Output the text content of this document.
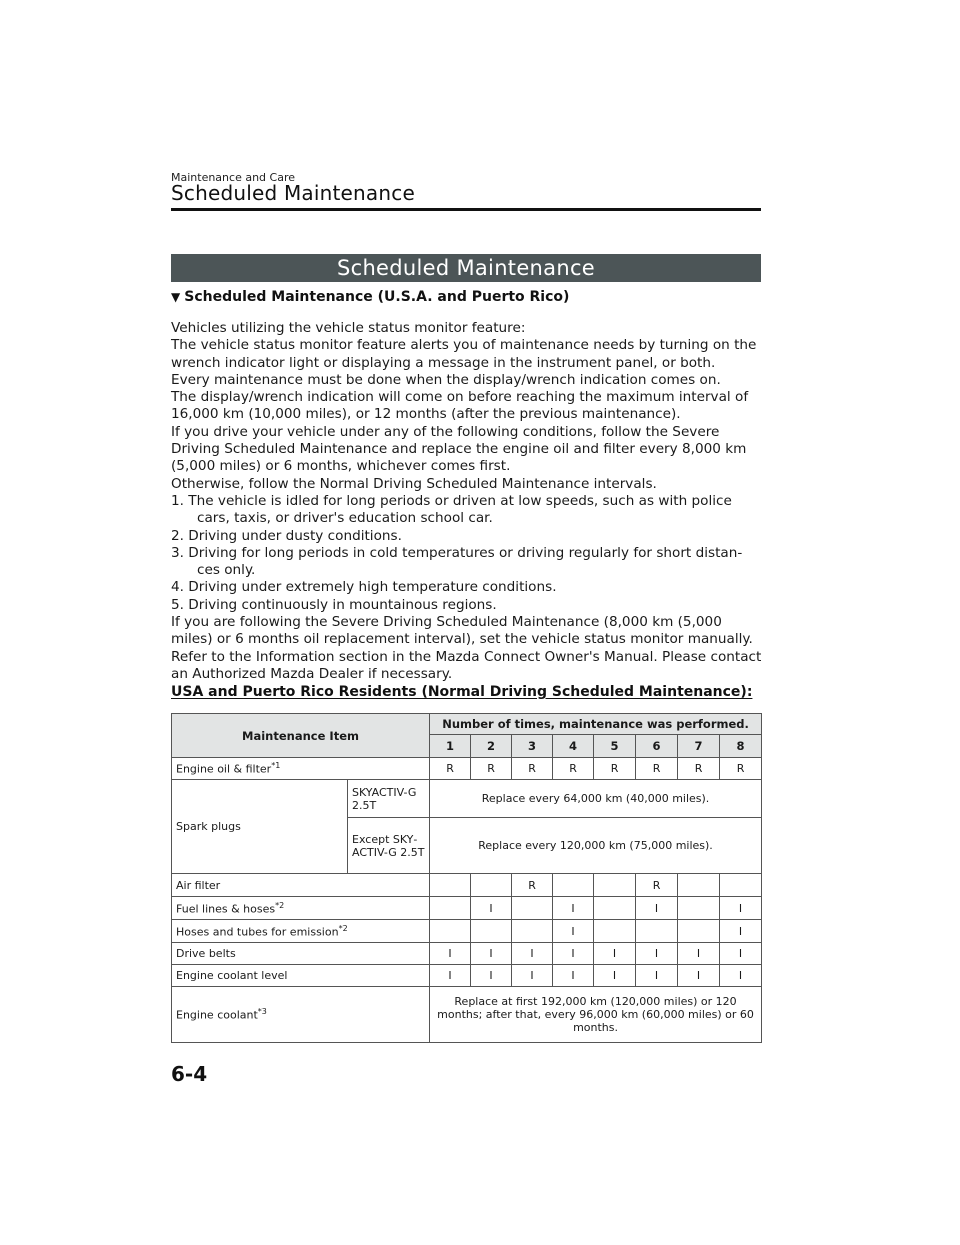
Maintenance and Care
Scheduled Maintenance
Scheduled Maintenance
▼ Scheduled Maintenance (U.S.A. and Puerto Rico)

Vehicles utilizing the vehicle status monitor feature:

The vehicle status monitor feature alerts you of maintenance needs by turning on the wrench indicator light or displaying a message in the instrument panel, or both.

Every maintenance must be done when the display/wrench indication comes on.

The display/wrench indication will come on before reaching the maximum interval of 16,000 km (10,000 miles), or 12 months (after the previous maintenance).

If you drive your vehicle under any of the following conditions, follow the Severe Driving Scheduled Maintenance and replace the engine oil and filter every 8,000 km (5,000 miles) or 6 months, whichever comes first.

Otherwise, follow the Normal Driving Scheduled Maintenance intervals.

1. The vehicle is idled for long periods or driven at low speeds, such as with police cars, taxis, or driver's education school car.

2. Driving under dusty conditions.

3. Driving for long periods in cold temperatures or driving regularly for short distan‐ ces only.

4. Driving under extremely high temperature conditions.

5. Driving continuously in mountainous regions.

If you are following the Severe Driving Scheduled Maintenance (8,000 km (5,000 miles) or 6 months oil replacement interval), set the vehicle status monitor manually.

Refer to the Information section in the Mazda Connect Owner's Manual. Please contact an Authorized Mazda Dealer if necessary.

USA and Puerto Rico Residents (Normal Driving Scheduled Maintenance):
Maintenance Item		Number of times, maintenance was performed.							
		1	2	3	4	5	6	7	8
Engine oil & filter$^{*1}$		R	R	R	R	R	R	R	R
Spark plugs	SKYACTIV-G 2.5T	Replace every 64,000 km (40,000 miles).							
	Except SKY‐ ACTIV-G 2.5T	Replace every 120,000 km (75,000 miles).							
Air filter				R			R		
Fuel lines & hoses$^{*2}$			I		I		I		I
Hoses and tubes for emission$^{*2}$					I				I
Drive belts		I	I	I	I	I	I	I	I
Engine coolant level		I	I	I	I	I	I	I	I
Engine coolant$^{*3}$		Replace at first 192,000 km (120,000 miles) or 120 months; after that, every 96,000 km (60,000 miles) or 60 months.							
6-4
